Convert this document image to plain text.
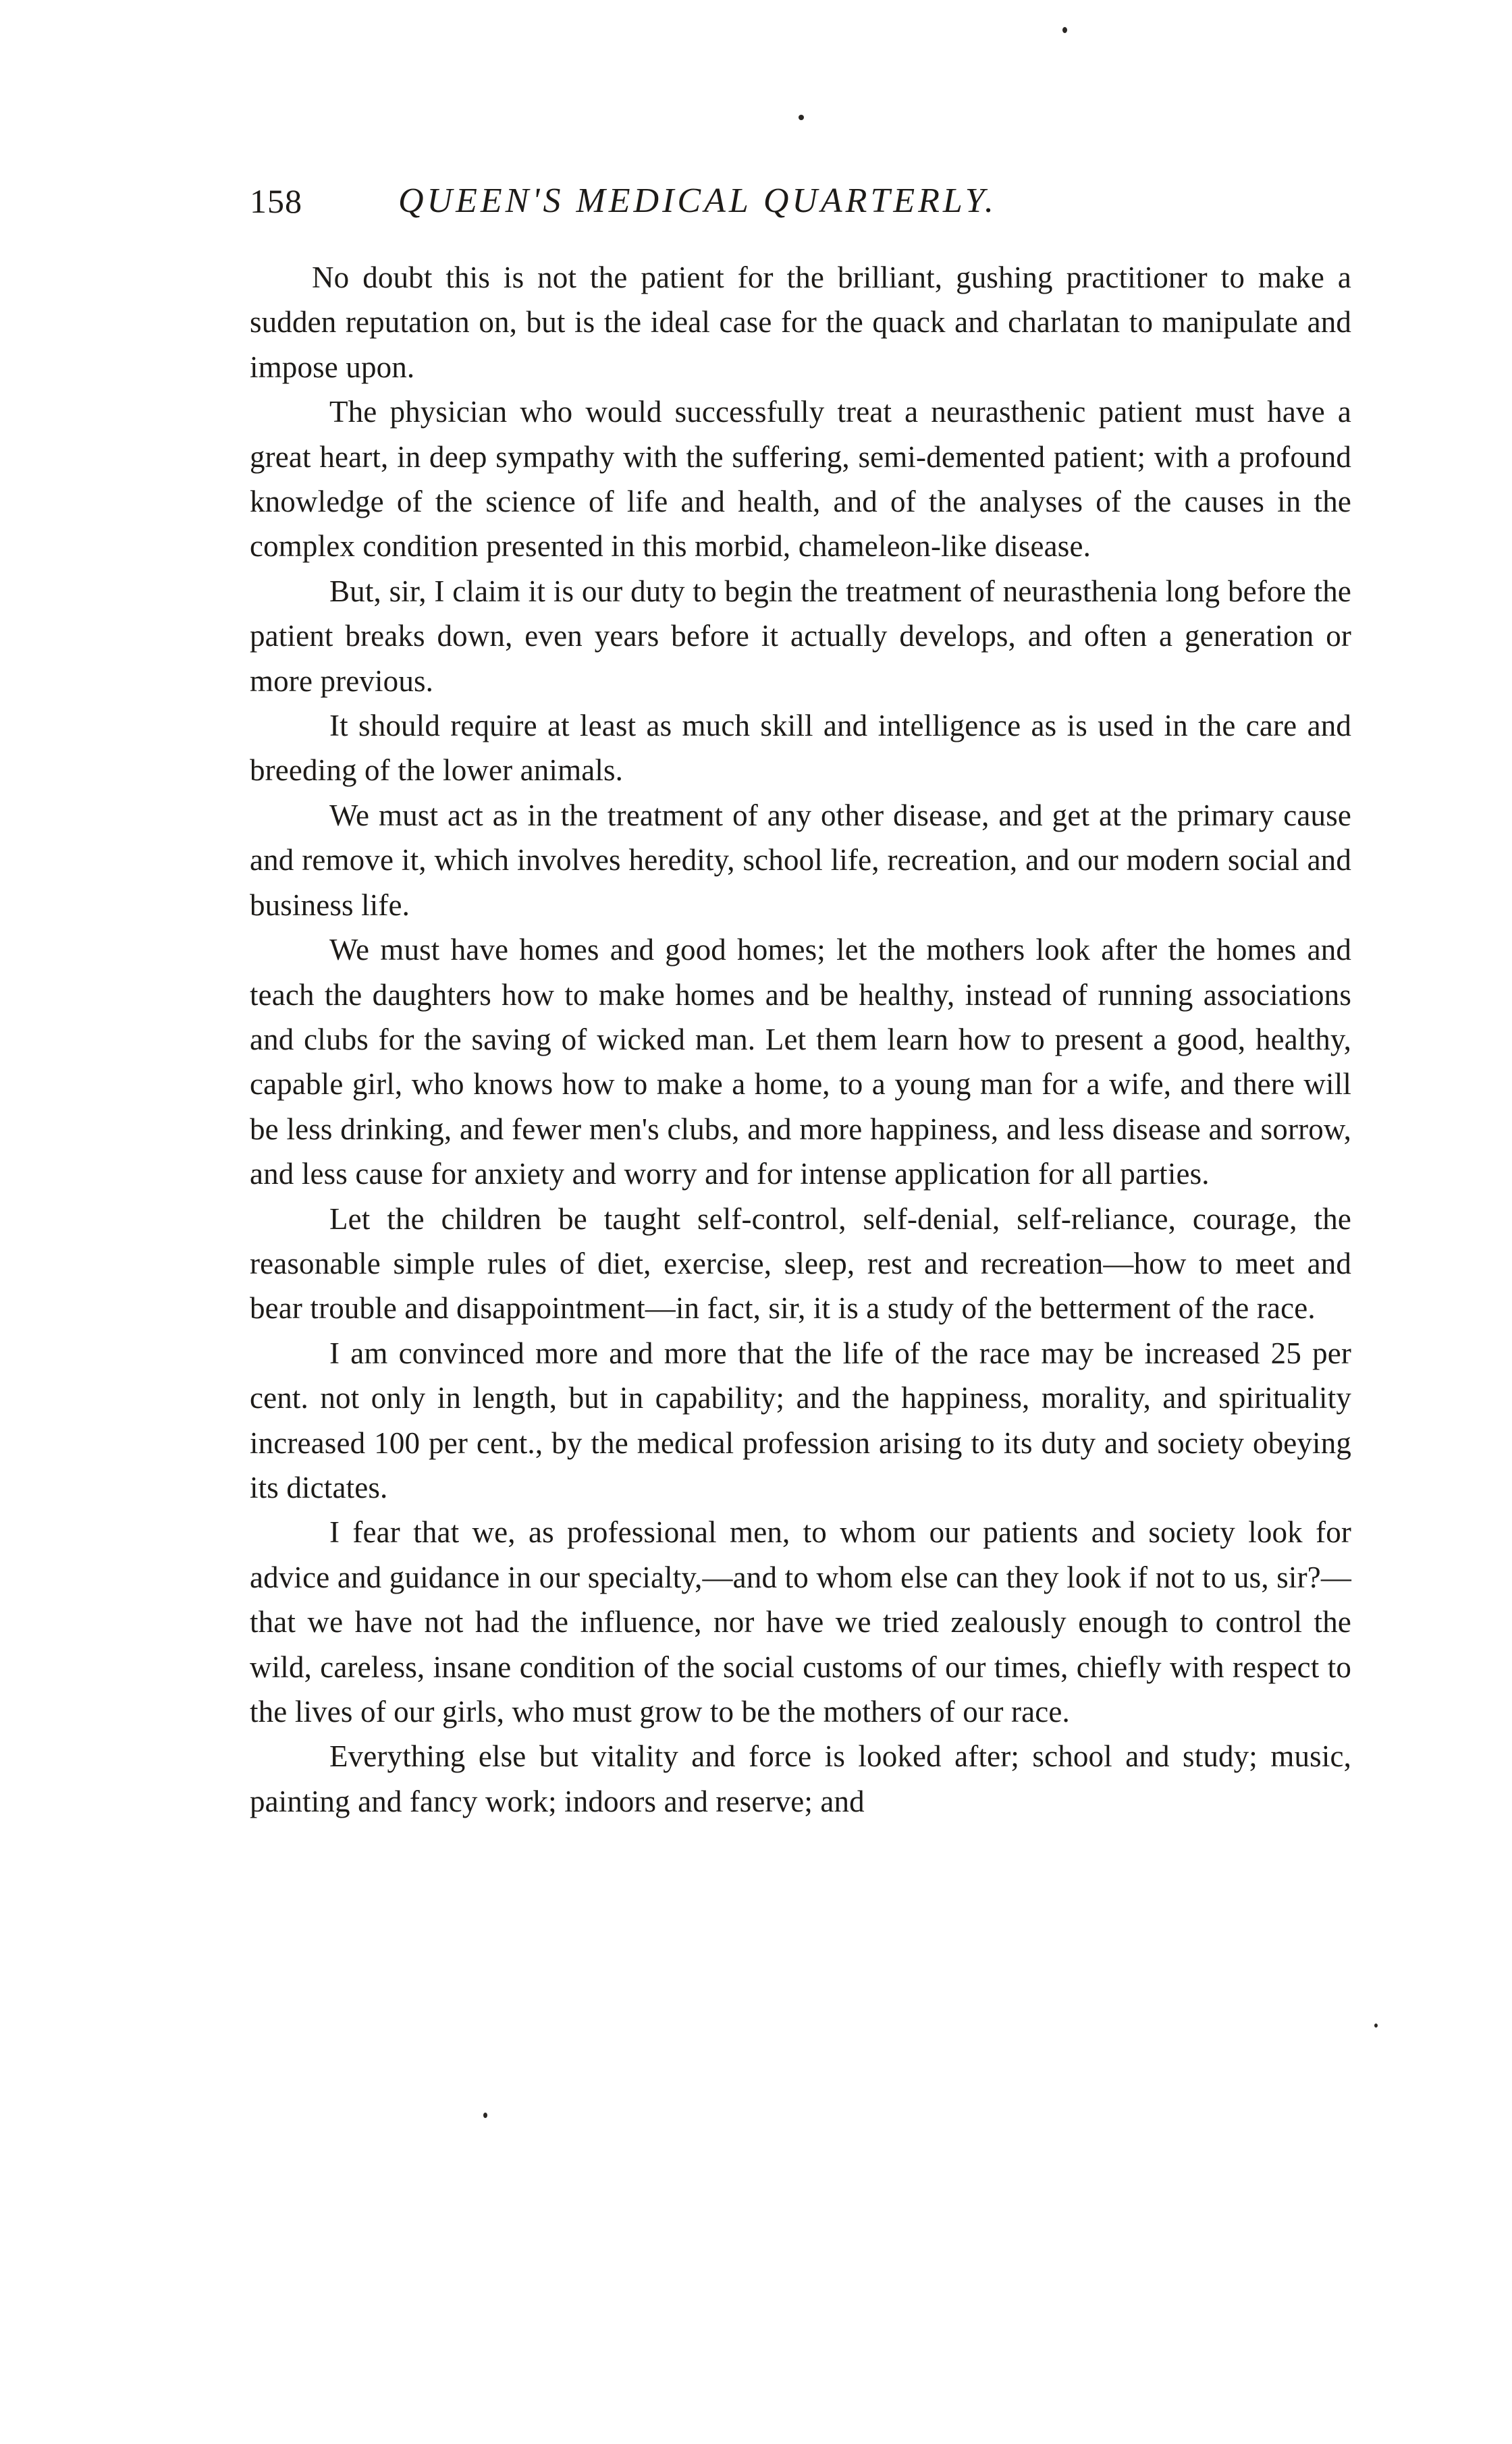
158	QUEEN'S MEDICAL QUARTERLY.

No doubt this is not the patient for the brilliant, gushing practitioner to make a sudden reputation on, but is the ideal case for the quack and charlatan to manipulate and impose upon.

The physician who would successfully treat a neurasthenic patient must have a great heart, in deep sympathy with the suffering, semi-demented patient; with a profound knowledge of the science of life and health, and of the analyses of the causes in the complex condition presented in this morbid, chameleon-like disease.

But, sir, I claim it is our duty to begin the treatment of neurasthenia long before the patient breaks down, even years before it actually develops, and often a generation or more previous.

It should require at least as much skill and intelligence as is used in the care and breeding of the lower animals.

We must act as in the treatment of any other disease, and get at the primary cause and remove it, which involves heredity, school life, recreation, and our modern social and business life.

We must have homes and good homes; let the mothers look after the homes and teach the daughters how to make homes and be healthy, instead of running associations and clubs for the saving of wicked man. Let them learn how to present a good, healthy, capable girl, who knows how to make a home, to a young man for a wife, and there will be less drinking, and fewer men's clubs, and more happiness, and less disease and sorrow, and less cause for anxiety and worry and for intense application for all parties.

Let the children be taught self-control, self-denial, self-reliance, courage, the reasonable simple rules of diet, exercise, sleep, rest and recreation—how to meet and bear trouble and disappointment—in fact, sir, it is a study of the betterment of the race.

I am convinced more and more that the life of the race may be increased 25 per cent. not only in length, but in capability; and the happiness, morality, and spirituality increased 100 per cent., by the medical profession arising to its duty and society obeying its dictates.

I fear that we, as professional men, to whom our patients and society look for advice and guidance in our specialty,—and to whom else can they look if not to us, sir?—that we have not had the influence, nor have we tried zealously enough to control the wild, careless, insane condition of the social customs of our times, chiefly with respect to the lives of our girls, who must grow to be the mothers of our race.

Everything else but vitality and force is looked after; school and study; music, painting and fancy work; indoors and reserve; and
